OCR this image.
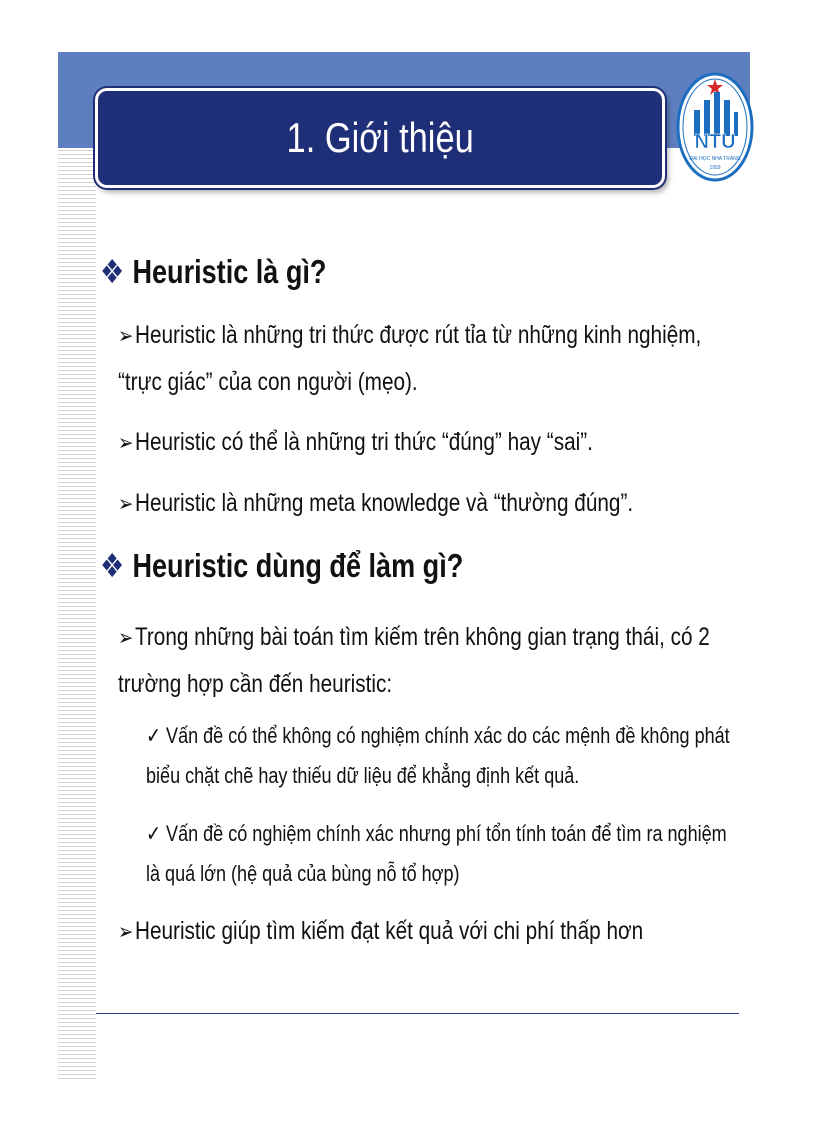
1. Giới thiệu	NTU
ĐẠI HỌC NHA TRANG
1959
❖ Heuristic là gì?
➢Heuristic là những tri thức được rút tỉa từ những kinh nghiệm, “trực giác” của con người (mẹo).
➢Heuristic có thể là những tri thức “đúng” hay “sai”.
➢Heuristic là những meta knowledge và “thường đúng”.
❖ Heuristic dùng để làm gì?
➢Trong những bài toán tìm kiếm trên không gian trạng thái, có 2 trường hợp cần đến heuristic:
✓ Vấn đề có thể không có nghiệm chính xác do các mệnh đề không phát biểu chặt chẽ hay thiếu dữ liệu để khẳng định kết quả.
✓ Vấn đề có nghiệm chính xác nhưng phí tổn tính toán để tìm ra nghiệm là quá lớn (hệ quả của bùng nỗ tổ hợp)
➢Heuristic giúp tìm kiếm đạt kết quả với chi phí thấp hơn
